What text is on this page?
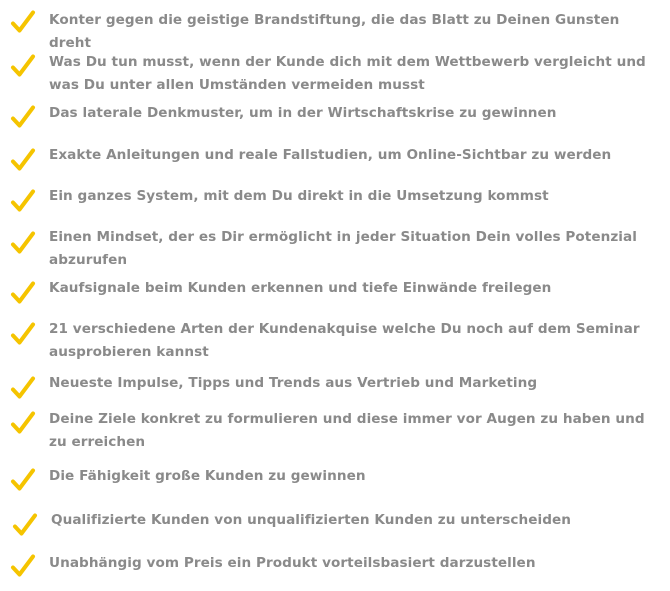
Konter gegen die geistige Brandstiftung, die das Blatt zu Deinen Gunsten dreht
Was Du tun musst, wenn der Kunde dich mit dem Wettbewerb vergleicht und was Du unter allen Umständen vermeiden musst
Das laterale Denkmuster, um in der Wirtschaftskrise zu gewinnen
Exakte Anleitungen und reale Fallstudien, um Online-Sichtbar zu werden
Ein ganzes System, mit dem Du direkt in die Umsetzung kommst
Einen Mindset, der es Dir ermöglicht in jeder Situation Dein volles Potenzial abzurufen
Kaufsignale beim Kunden erkennen und tiefe Einwände freilegen
21 verschiedene Arten der Kundenakquise welche Du noch auf dem Seminar ausprobieren kannst
Neueste Impulse, Tipps und Trends aus Vertrieb und Marketing
Deine Ziele konkret zu formulieren und diese immer vor Augen zu haben und zu erreichen
Die Fähigkeit große Kunden zu gewinnen
Qualifizierte Kunden von unqualifizierten Kunden zu unterscheiden
Unabhängig vom Preis ein Produkt vorteilsbasiert darzustellen
